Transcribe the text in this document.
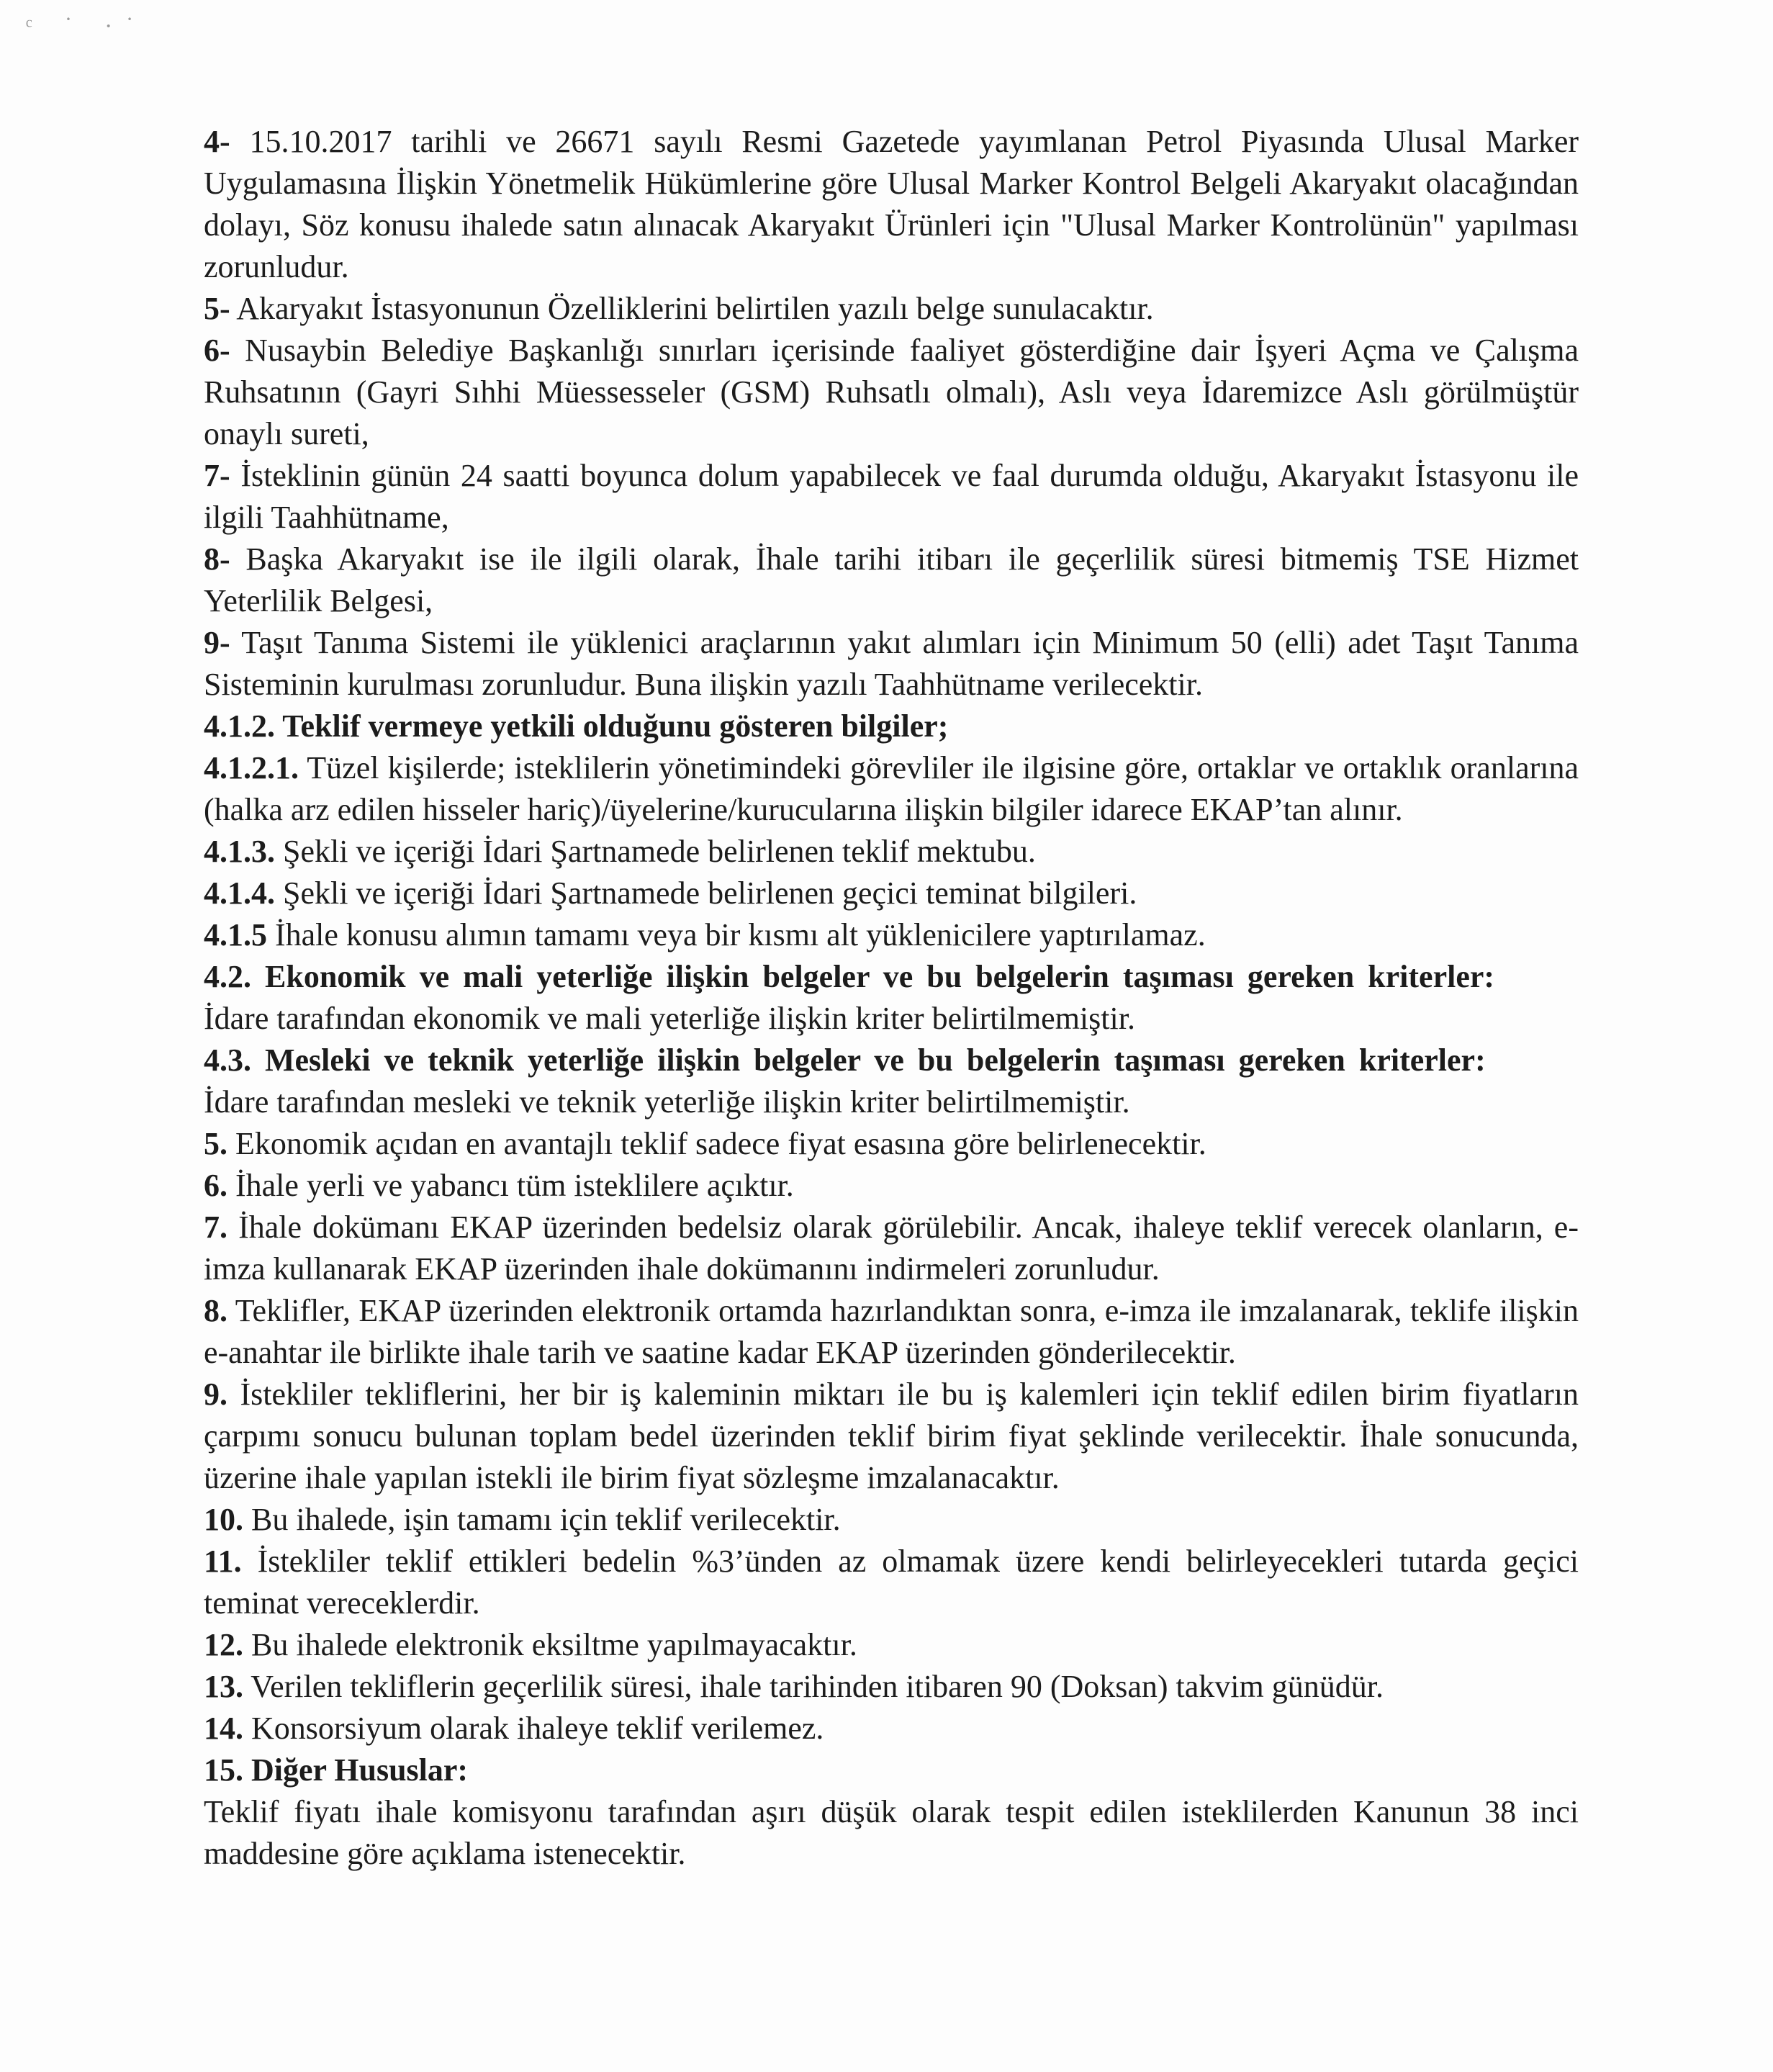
ᶜ ˙ ·˙

4- 15.10.2017 tarihli ve 26671 sayılı Resmi Gazetede yayımlanan Petrol Piyasında Ulusal Marker Uygulamasına İlişkin Yönetmelik Hükümlerine göre Ulusal Marker Kontrol Belgeli Akaryakıt olacağından dolayı, Söz konusu ihalede satın alınacak Akaryakıt Ürünleri için "Ulusal Marker Kontrolünün" yapılması zorunludur.

5- Akaryakıt İstasyonunun Özelliklerini belirtilen yazılı belge sunulacaktır.

6- Nusaybin Belediye Başkanlığı sınırları içerisinde faaliyet gösterdiğine dair İşyeri Açma ve Çalışma Ruhsatının (Gayri Sıhhi Müessesseler (GSM) Ruhsatlı olmalı), Aslı veya İdaremizce Aslı görülmüştür onaylı sureti,

7- İsteklinin günün 24 saatti boyunca dolum yapabilecek ve faal durumda olduğu, Akaryakıt İstasyonu ile ilgili Taahhütname,

8- Başka Akaryakıt ise ile ilgili olarak, İhale tarihi itibarı ile geçerlilik süresi bitmemiş TSE Hizmet Yeterlilik Belgesi,

9- Taşıt Tanıma Sistemi ile yüklenici araçlarının yakıt alımları için Minimum 50 (elli) adet Taşıt Tanıma Sisteminin kurulması zorunludur. Buna ilişkin yazılı Taahhütname verilecektir.

4.1.2. Teklif vermeye yetkili olduğunu gösteren bilgiler;

4.1.2.1. Tüzel kişilerde; isteklilerin yönetimindeki görevliler ile ilgisine göre, ortaklar ve ortaklık oranlarına (halka arz edilen hisseler hariç)/üyelerine/kurucularına ilişkin bilgiler idarece EKAP’tan alınır.

4.1.3. Şekli ve içeriği İdari Şartnamede belirlenen teklif mektubu.

4.1.4. Şekli ve içeriği İdari Şartnamede belirlenen geçici teminat bilgileri.

4.1.5 İhale konusu alımın tamamı veya bir kısmı alt yüklenicilere yaptırılamaz.

4.2. Ekonomik ve mali yeterliğe ilişkin belgeler ve bu belgelerin taşıması gereken kriterler:

İdare tarafından ekonomik ve mali yeterliğe ilişkin kriter belirtilmemiştir.

4.3. Mesleki ve teknik yeterliğe ilişkin belgeler ve bu belgelerin taşıması gereken kriterler:

İdare tarafından mesleki ve teknik yeterliğe ilişkin kriter belirtilmemiştir.

5. Ekonomik açıdan en avantajlı teklif sadece fiyat esasına göre belirlenecektir.

6. İhale yerli ve yabancı tüm isteklilere açıktır.

7. İhale dokümanı EKAP üzerinden bedelsiz olarak görülebilir. Ancak, ihaleye teklif verecek olanların, e-imza kullanarak EKAP üzerinden ihale dokümanını indirmeleri zorunludur.

8. Teklifler, EKAP üzerinden elektronik ortamda hazırlandıktan sonra, e-imza ile imzalanarak, teklife ilişkin e-anahtar ile birlikte ihale tarih ve saatine kadar EKAP üzerinden gönderilecektir.

9. İstekliler tekliflerini, her bir iş kaleminin miktarı ile bu iş kalemleri için teklif edilen birim fiyatların çarpımı sonucu bulunan toplam bedel üzerinden teklif birim fiyat şeklinde verilecektir. İhale sonucunda, üzerine ihale yapılan istekli ile birim fiyat sözleşme imzalanacaktır.

10. Bu ihalede, işin tamamı için teklif verilecektir.

11. İstekliler teklif ettikleri bedelin %3’ünden az olmamak üzere kendi belirleyecekleri tutarda geçici teminat vereceklerdir.

12. Bu ihalede elektronik eksiltme yapılmayacaktır.

13. Verilen tekliflerin geçerlilik süresi, ihale tarihinden itibaren 90 (Doksan) takvim günüdür.

14. Konsorsiyum olarak ihaleye teklif verilemez.

15. Diğer Hususlar:

Teklif fiyatı ihale komisyonu tarafından aşırı düşük olarak tespit edilen isteklilerden Kanunun 38 inci maddesine göre açıklama istenecektir.
